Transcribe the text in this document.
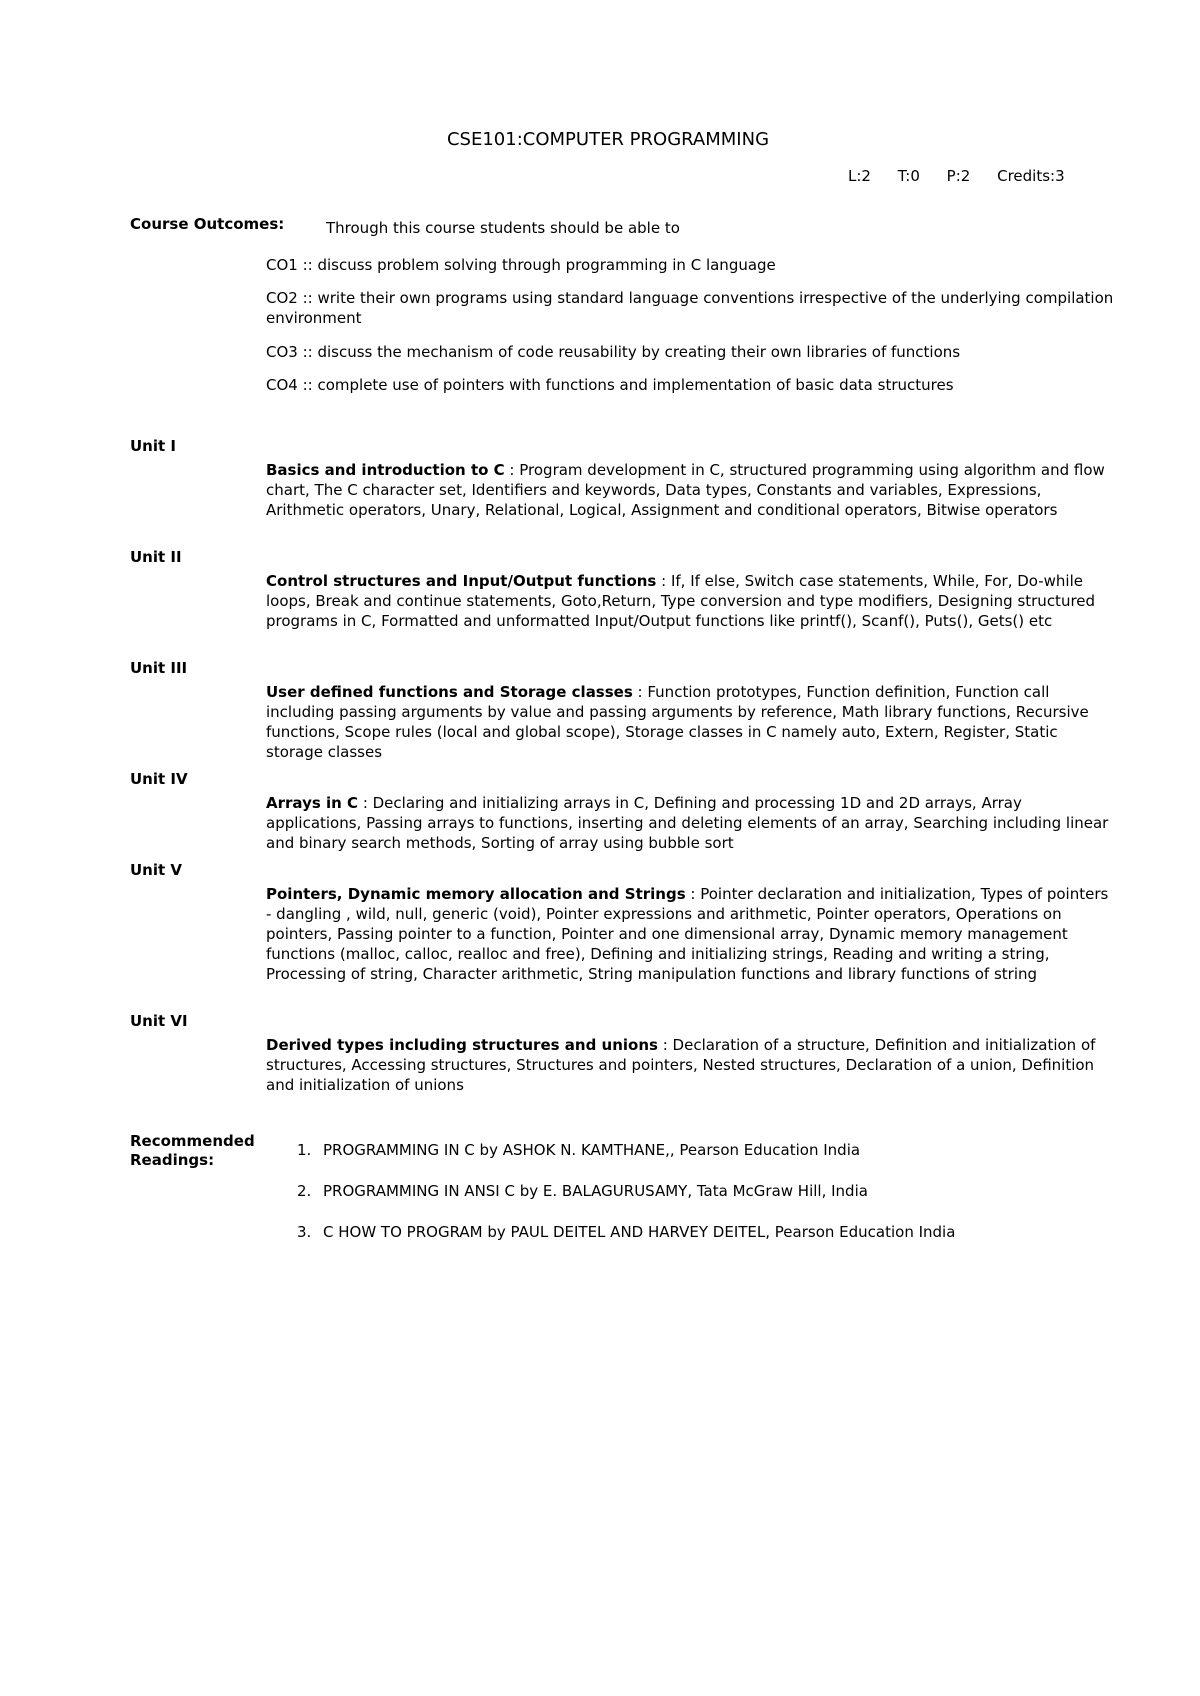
CSE101:COMPUTER PROGRAMMING
L:2 T:0 P:2 Credits:3
Course Outcomes:	Through this course students should be able to
CO1 :: discuss problem solving through programming in C language
CO2 :: write their own programs using standard language conventions irrespective of the underlying compilation environment
CO3 :: discuss the mechanism of code reusability by creating their own libraries of functions
CO4 :: complete use of pointers with functions and implementation of basic data structures
Unit I
Basics and introduction to C : Program development in C, structured programming using algorithm and flow chart, The C character set, Identifiers and keywords, Data types, Constants and variables, Expressions, Arithmetic operators, Unary, Relational, Logical, Assignment and conditional operators, Bitwise operators
Unit II
Control structures and Input/Output functions : If, If else, Switch case statements, While, For, Do-while loops, Break and continue statements, Goto,Return, Type conversion and type modifiers, Designing structured programs in C, Formatted and unformatted Input/Output functions like printf(), Scanf(), Puts(), Gets() etc
Unit III
User defined functions and Storage classes : Function prototypes, Function definition, Function call including passing arguments by value and passing arguments by reference, Math library functions, Recursive functions, Scope rules (local and global scope), Storage classes in C namely auto, Extern, Register, Static storage classes
Unit IV
Arrays in C : Declaring and initializing arrays in C, Defining and processing 1D and 2D arrays, Array applications, Passing arrays to functions, inserting and deleting elements of an array, Searching including linear and binary search methods, Sorting of array using bubble sort
Unit V
Pointers, Dynamic memory allocation and Strings : Pointer declaration and initialization, Types of pointers - dangling , wild, null, generic (void), Pointer expressions and arithmetic, Pointer operators, Operations on pointers, Passing pointer to a function, Pointer and one dimensional array, Dynamic memory management functions (malloc, calloc, realloc and free), Defining and initializing strings, Reading and writing a string, Processing of string, Character arithmetic, String manipulation functions and library functions of string
Unit VI
Derived types including structures and unions : Declaration of a structure, Definition and initialization of structures, Accessing structures, Structures and pointers, Nested structures, Declaration of a union, Definition and initialization of unions
Recommended
Readings:
1. PROGRAMMING IN C by ASHOK N. KAMTHANE,, Pearson Education India
2. PROGRAMMING IN ANSI C by E. BALAGURUSAMY, Tata McGraw Hill, India
3. C HOW TO PROGRAM by PAUL DEITEL AND HARVEY DEITEL, Pearson Education India
